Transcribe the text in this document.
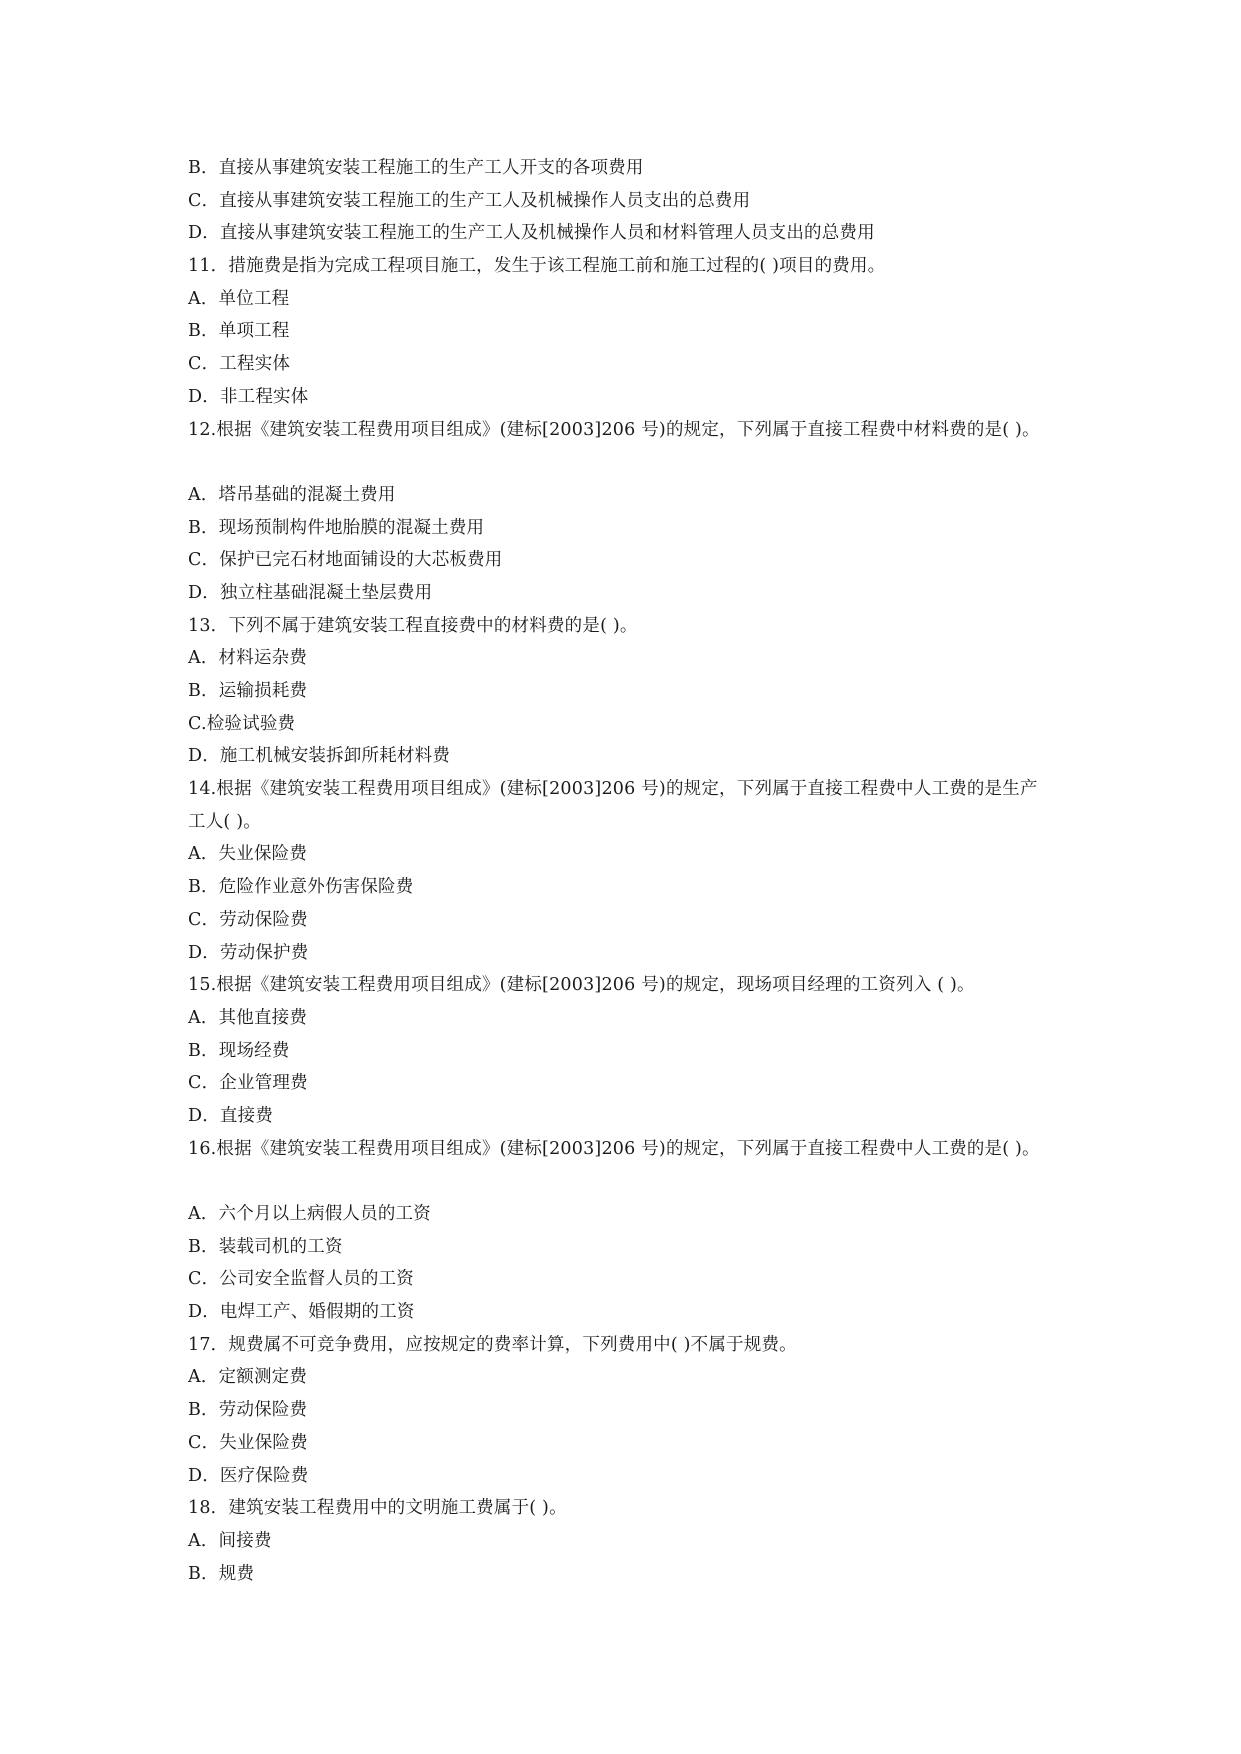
B．直接从事建筑安装工程施工的生产工人开支的各项费用
C．直接从事建筑安装工程施工的生产工人及机械操作人员支出的总费用
D．直接从事建筑安装工程施工的生产工人及机械操作人员和材料管理人员支出的总费用
11．措施费是指为完成工程项目施工，发生于该工程施工前和施工过程的( )项目的费用。
A．单位工程
B．单项工程
C．工程实体
D．非工程实体
12.根据《建筑安装工程费用项目组成》(建标[2003]206 号)的规定，下列属于直接工程费中材料费的是( )。
A．塔吊基础的混凝土费用
B．现场预制构件地胎膜的混凝土费用
C．保护已完石材地面铺设的大芯板费用
D．独立柱基础混凝土垫层费用
13．下列不属于建筑安装工程直接费中的材料费的是( )。
A．材料运杂费
B．运输损耗费
C.检验试验费
D．施工机械安装拆卸所耗材料费
14.根据《建筑安装工程费用项目组成》(建标[2003]206 号)的规定，下列属于直接工程费中人工费的是生产
工人( )。
A．失业保险费
B．危险作业意外伤害保险费
C．劳动保险费
D．劳动保护费
15.根据《建筑安装工程费用项目组成》(建标[2003]206 号)的规定，现场项目经理的工资列入 ( )。
A．其他直接费
B．现场经费
C．企业管理费
D．直接费
16.根据《建筑安装工程费用项目组成》(建标[2003]206 号)的规定，下列属于直接工程费中人工费的是( )。
A．六个月以上病假人员的工资
B．装载司机的工资
C．公司安全监督人员的工资
D．电焊工产、婚假期的工资
17．规费属不可竞争费用，应按规定的费率计算，下列费用中( )不属于规费。
A．定额测定费
B．劳动保险费
C．失业保险费
D．医疗保险费
18．建筑安装工程费用中的文明施工费属于( )。
A．间接费
B．规费
